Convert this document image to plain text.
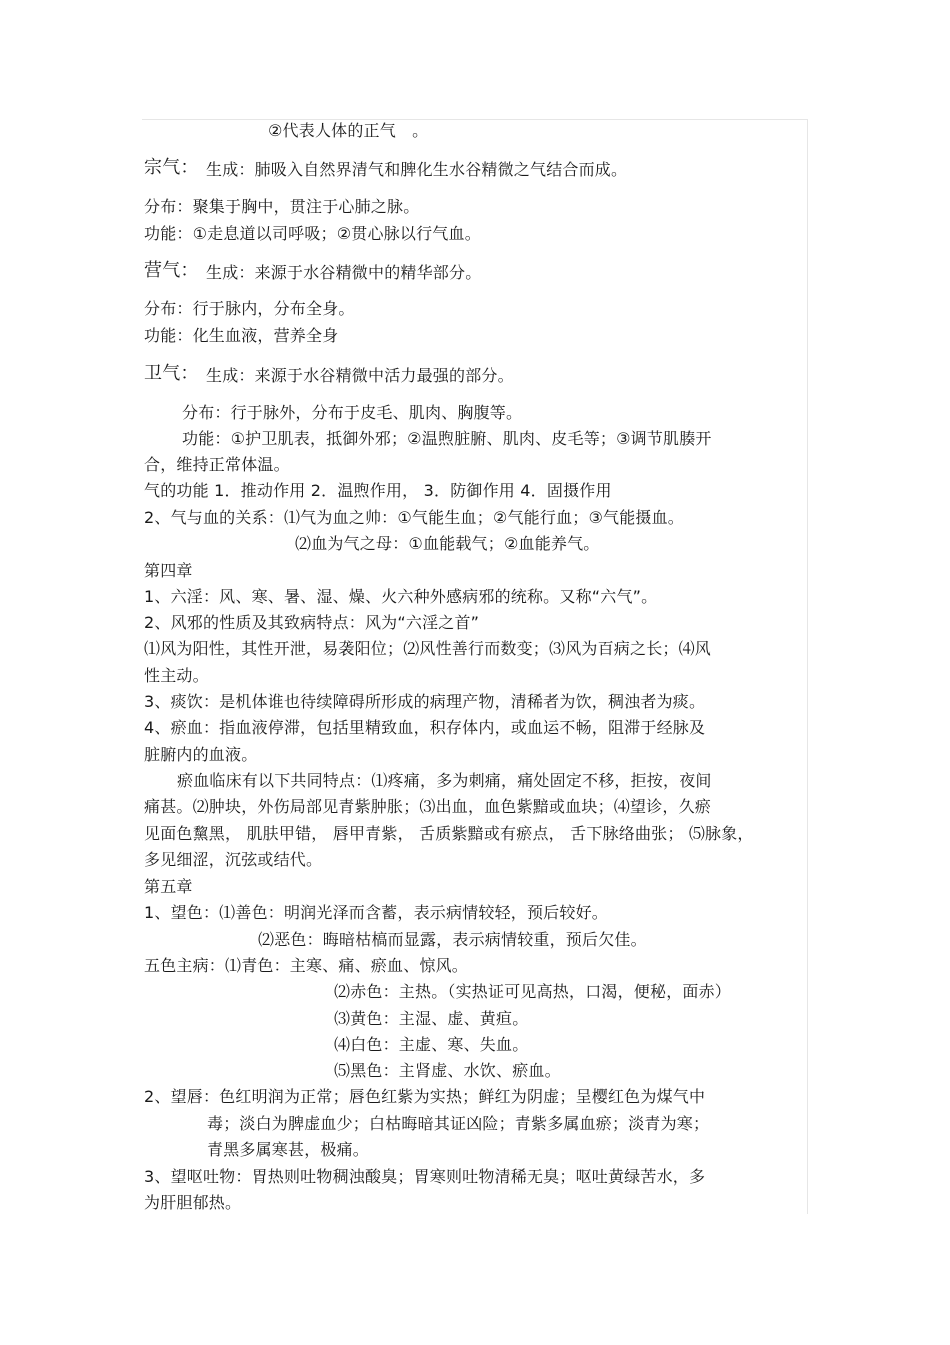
②代表人体的正气　。
宗气： 生成：肺吸入自然界清气和脾化生水谷精微之气结合而成。
分布：聚集于胸中，贯注于心肺之脉。
功能：①走息道以司呼吸；②贯心脉以行气血。
营气： 生成：来源于水谷精微中的精华部分。
分布：行于脉内，分布全身。
功能：化生血液，营养全身
卫气： 生成：来源于水谷精微中活力最强的部分。
分布：行于脉外，分布于皮毛、肌肉、胸腹等。
功能：①护卫肌表，抵御外邪；②温煦脏腑、肌肉、皮毛等；③调节肌腠开
合，维持正常体温。
气的功能 1．推动作用 2．温煦作用， 3．防御作用 4．固摄作用
2、气与血的关系：⑴气为血之帅：①气能生血；②气能行血；③气能摄血。
⑵血为气之母：①血能载气；②血能养气。
第四章
1、六淫：风、寒、暑、湿、燥、火六种外感病邪的统称。又称“六气”。
2、风邪的性质及其致病特点：风为“六淫之首”
⑴风为阳性，其性开泄，易袭阳位；⑵风性善行而数变；⑶风为百病之长；⑷风
性主动。
3、痰饮：是机体谁也待续障碍所形成的病理产物，清稀者为饮，稠浊者为痰。
4、瘀血：指血液停滞，包括里精致血，积存体内，或血运不畅，阻滞于经脉及
脏腑内的血液。
瘀血临床有以下共同特点：⑴疼痛，多为刺痛，痛处固定不移，拒按，夜间
痛甚。⑵肿块，外伤局部见青紫肿胀；⑶出血，血色紫黯或血块；⑷望诊，久瘀
见面色黧黑， 肌肤甲错， 唇甲青紫， 舌质紫黯或有瘀点， 舌下脉络曲张； ⑸脉象，
多见细涩，沉弦或结代。
第五章
1、望色：⑴善色：明润光泽而含蓄，表示病情较轻，预后较好。
⑵恶色：晦暗枯槁而显露，表示病情较重，预后欠佳。
五色主病：⑴青色：主寒、痛、瘀血、惊风。
⑵赤色：主热。（实热证可见高热，口渴，便秘，面赤）
⑶黄色：主湿、虚、黄疸。
⑷白色：主虚、寒、失血。
⑸黑色：主肾虚、水饮、瘀血。
2、望唇：色红明润为正常；唇色红紫为实热；鲜红为阴虚；呈樱红色为煤气中
毒；淡白为脾虚血少；白枯晦暗其证凶险；青紫多属血瘀；淡青为寒；
青黑多属寒甚，极痛。
3、望呕吐物：胃热则吐物稠浊酸臭；胃寒则吐物清稀无臭；呕吐黄绿苦水，多
为肝胆郁热。
